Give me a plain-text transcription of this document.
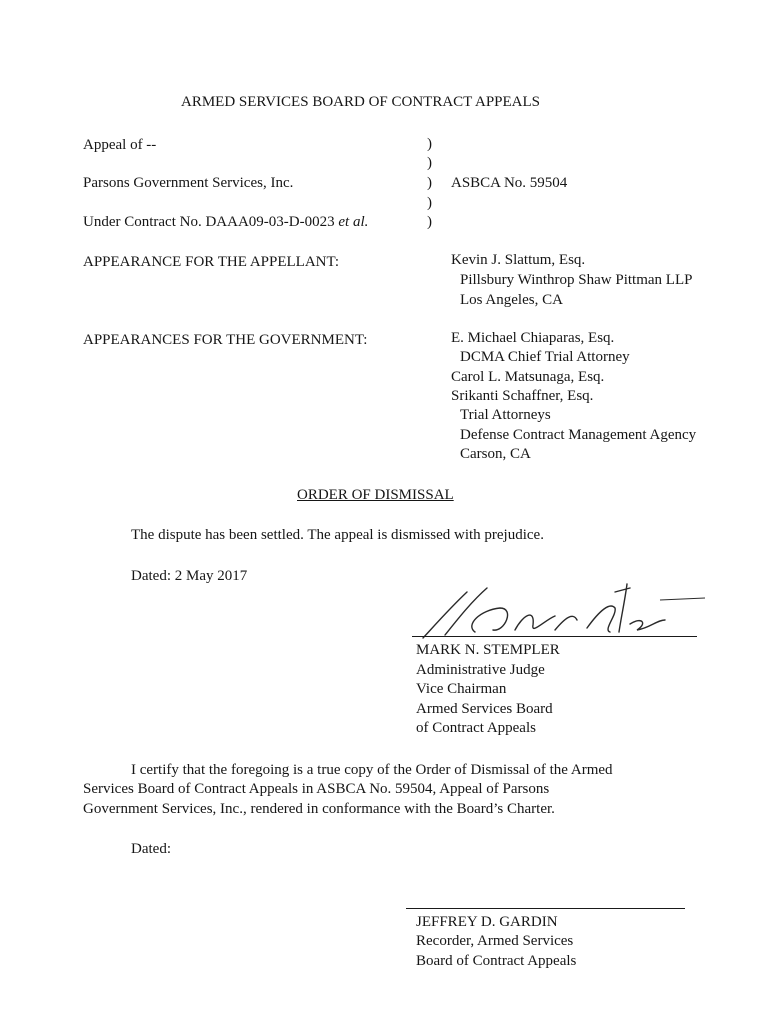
ARMED SERVICES BOARD OF CONTRACT APPEALS
Appeal of --
Parsons Government Services, Inc.
Under Contract No. DAAA09-03-D-0023 et al.
)
)
)
)
)
ASBCA No. 59504
APPEARANCE FOR THE APPELLANT:	Kevin J. Slattum, Esq.
Pillsbury Winthrop Shaw Pittman LLP
Los Angeles, CA
APPEARANCES FOR THE GOVERNMENT:	E. Michael Chiaparas, Esq.
DCMA Chief Trial Attorney
Carol L. Matsunaga, Esq.
Srikanti Schaffner, Esq.
Trial Attorneys
Defense Contract Management Agency
Carson, CA
ORDER OF DISMISSAL
The dispute has been settled. The appeal is dismissed with prejudice.
Dated: 2 May 2017
MARK N. STEMPLER
Administrative Judge
Vice Chairman
Armed Services Board
of Contract Appeals
I certify that the foregoing is a true copy of the Order of Dismissal of the Armed
Services Board of Contract Appeals in ASBCA No. 59504, Appeal of Parsons
Government Services, Inc., rendered in conformance with the Board’s Charter.
Dated:
JEFFREY D. GARDIN
Recorder, Armed Services
Board of Contract Appeals
